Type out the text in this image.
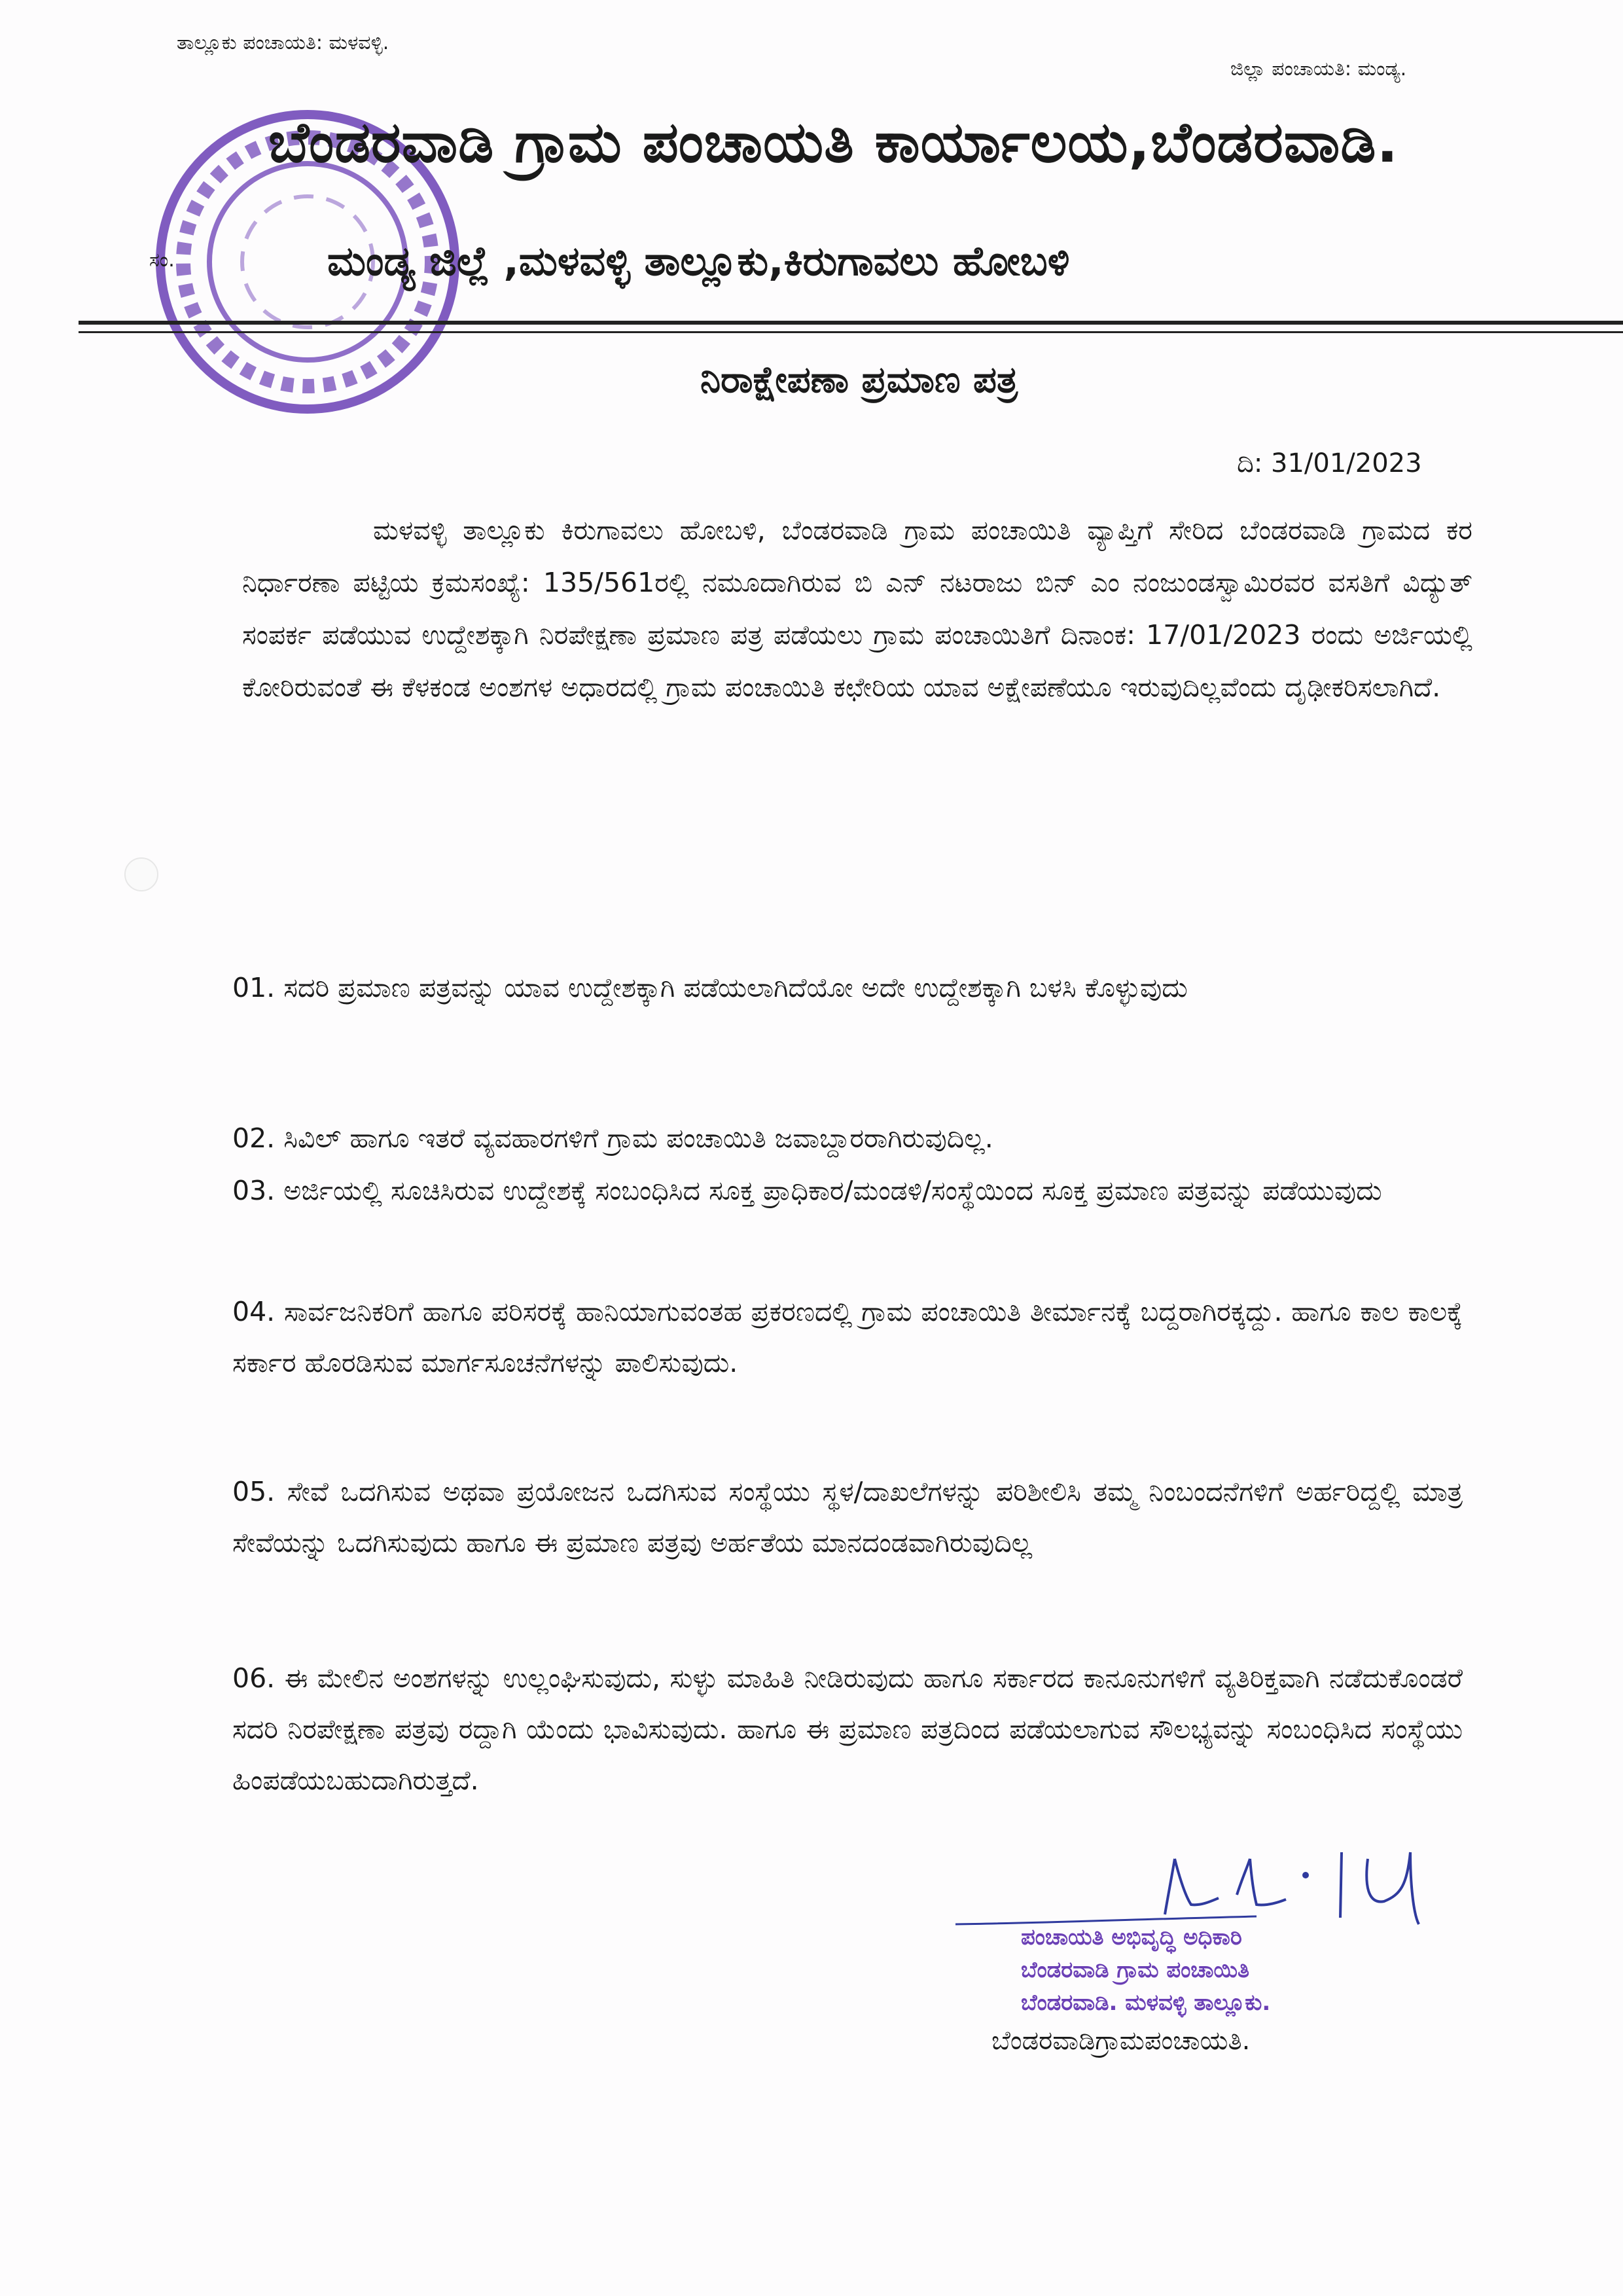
ತಾಲ್ಲೂಕು ಪಂಚಾಯತಿ: ಮಳವಳ್ಳಿ.
ಜಿಲ್ಲಾ ಪಂಚಾಯತಿ: ಮಂಡ್ಯ.
ಸಂ.
ಬೆಂಡರವಾಡಿ ಗ್ರಾಮ ಪಂಚಾಯತಿ ಕಾರ್ಯಾಲಯ,ಬೆಂಡರವಾಡಿ.
ಮಂಡ್ಯ ಜಿಲ್ಲೆ ,ಮಳವಳ್ಳಿ ತಾಲ್ಲೂಕು,ಕಿರುಗಾವಲು ಹೋಬಳಿ
ನಿರಾಕ್ಷೇಪಣಾ ಪ್ರಮಾಣ ಪತ್ರ
ದಿ: 31/01/2023
ಮಳವಳ್ಳಿ ತಾಲ್ಲೂಕು ಕಿರುಗಾವಲು ಹೋಬಳಿ, ಬೆಂಡರವಾಡಿ ಗ್ರಾಮ ಪಂಚಾಯಿತಿ ವ್ಯಾಪ್ತಿಗೆ ಸೇರಿದ ಬೆಂಡರವಾಡಿ ಗ್ರಾಮದ ಕರ ನಿರ್ಧಾರಣಾ ಪಟ್ಟಿಯ ಕ್ರಮಸಂಖ್ಯೆ: 135/561ರಲ್ಲಿ ನಮೂದಾಗಿರುವ ಬಿ ಎನ್ ನಟರಾಜು ಬಿನ್ ಎಂ ನಂಜುಂಡಸ್ವಾಮಿರವರ ವಸತಿಗೆ ವಿದ್ಯುತ್ ಸಂಪರ್ಕ ಪಡೆಯುವ ಉದ್ದೇಶಕ್ಕಾಗಿ ನಿರಪೇಕ್ಷಣಾ ಪ್ರಮಾಣ ಪತ್ರ ಪಡೆಯಲು ಗ್ರಾಮ ಪಂಚಾಯಿತಿಗೆ ದಿನಾಂಕ: 17/01/2023 ರಂದು ಅರ್ಜಿಯಲ್ಲಿ ಕೋರಿರುವಂತೆ ಈ ಕೆಳಕಂಡ ಅಂಶಗಳ ಅಧಾರದಲ್ಲಿ ಗ್ರಾಮ ಪಂಚಾಯಿತಿ ಕಛೇರಿಯ ಯಾವ ಅಕ್ಷೇಪಣೆಯೂ ಇರುವುದಿಲ್ಲವೆಂದು ದೃಢೀಕರಿಸಲಾಗಿದೆ.
01. ಸದರಿ ಪ್ರಮಾಣ ಪತ್ರವನ್ನು ಯಾವ ಉದ್ದೇಶಕ್ಕಾಗಿ ಪಡೆಯಲಾಗಿದೆಯೋ ಅದೇ ಉದ್ದೇಶಕ್ಕಾಗಿ ಬಳಸಿ ಕೊಳ್ಳುವುದು
02. ಸಿವಿಲ್ ಹಾಗೂ ಇತರೆ ವ್ಯವಹಾರಗಳಿಗೆ ಗ್ರಾಮ ಪಂಚಾಯಿತಿ ಜವಾಬ್ದಾರರಾಗಿರುವುದಿಲ್ಲ.
03. ಅರ್ಜಿಯಲ್ಲಿ ಸೂಚಿಸಿರುವ ಉದ್ದೇಶಕ್ಕೆ ಸಂಬಂಧಿಸಿದ ಸೂಕ್ತ ಪ್ರಾಧಿಕಾರ/ಮಂಡಳಿ/ಸಂಸ್ಥೆಯಿಂದ ಸೂಕ್ತ ಪ್ರಮಾಣ ಪತ್ರವನ್ನು ಪಡೆಯುವುದು
04. ಸಾರ್ವಜನಿಕರಿಗೆ ಹಾಗೂ ಪರಿಸರಕ್ಕೆ ಹಾನಿಯಾಗುವಂತಹ ಪ್ರಕರಣದಲ್ಲಿ ಗ್ರಾಮ ಪಂಚಾಯಿತಿ ತೀರ್ಮಾನಕ್ಕೆ ಬದ್ದರಾಗಿರಕ್ಕದ್ದು. ಹಾಗೂ ಕಾಲ ಕಾಲಕ್ಕೆ ಸರ್ಕಾರ ಹೊರಡಿಸುವ ಮಾರ್ಗಸೂಚನೆಗಳನ್ನು ಪಾಲಿಸುವುದು.
05. ಸೇವೆ ಒದಗಿಸುವ ಅಥವಾ ಪ್ರಯೋಜನ ಒದಗಿಸುವ ಸಂಸ್ಥೆಯು ಸ್ಥಳ/ದಾಖಲೆಗಳನ್ನು ಪರಿಶೀಲಿಸಿ ತಮ್ಮ ನಿಂಬಂದನೆಗಳಿಗೆ ಅರ್ಹರಿದ್ದಲ್ಲಿ ಮಾತ್ರ ಸೇವೆಯನ್ನು ಒದಗಿಸುವುದು ಹಾಗೂ ಈ ಪ್ರಮಾಣ ಪತ್ರವು ಅರ್ಹತೆಯ ಮಾನದಂಡವಾಗಿರುವುದಿಲ್ಲ
06. ಈ ಮೇಲಿನ ಅಂಶಗಳನ್ನು ಉಲ್ಲಂಘಿಸುವುದು, ಸುಳ್ಳು ಮಾಹಿತಿ ನೀಡಿರುವುದು ಹಾಗೂ ಸರ್ಕಾರದ ಕಾನೂನುಗಳಿಗೆ ವ್ಯತಿರಿಕ್ತವಾಗಿ ನಡೆದುಕೊಂಡರೆ ಸದರಿ ನಿರಪೇಕ್ಷಣಾ ಪತ್ರವು ರದ್ದಾಗಿ ಯೆಂದು ಭಾವಿಸುವುದು. ಹಾಗೂ ಈ ಪ್ರಮಾಣ ಪತ್ರದಿಂದ ಪಡೆಯಲಾಗುವ ಸೌಲಭ್ಯವನ್ನು ಸಂಬಂಧಿಸಿದ ಸಂಸ್ಥೆಯು ಹಿಂಪಡೆಯಬಹುದಾಗಿರುತ್ತದೆ.
ಪಂಚಾಯತಿ ಅಭಿವೃದ್ಧಿ ಅಧಿಕಾರಿ
ಬೆಂಡರವಾಡಿ ಗ್ರಾಮ ಪಂಚಾಯಿತಿ
ಬೆಂಡರವಾಡಿ. ಮಳವಳ್ಳಿ ತಾಲ್ಲೂಕು.
ಬೆಂಡರವಾಡಿಗ್ರಾಮಪಂಚಾಯತಿ.
